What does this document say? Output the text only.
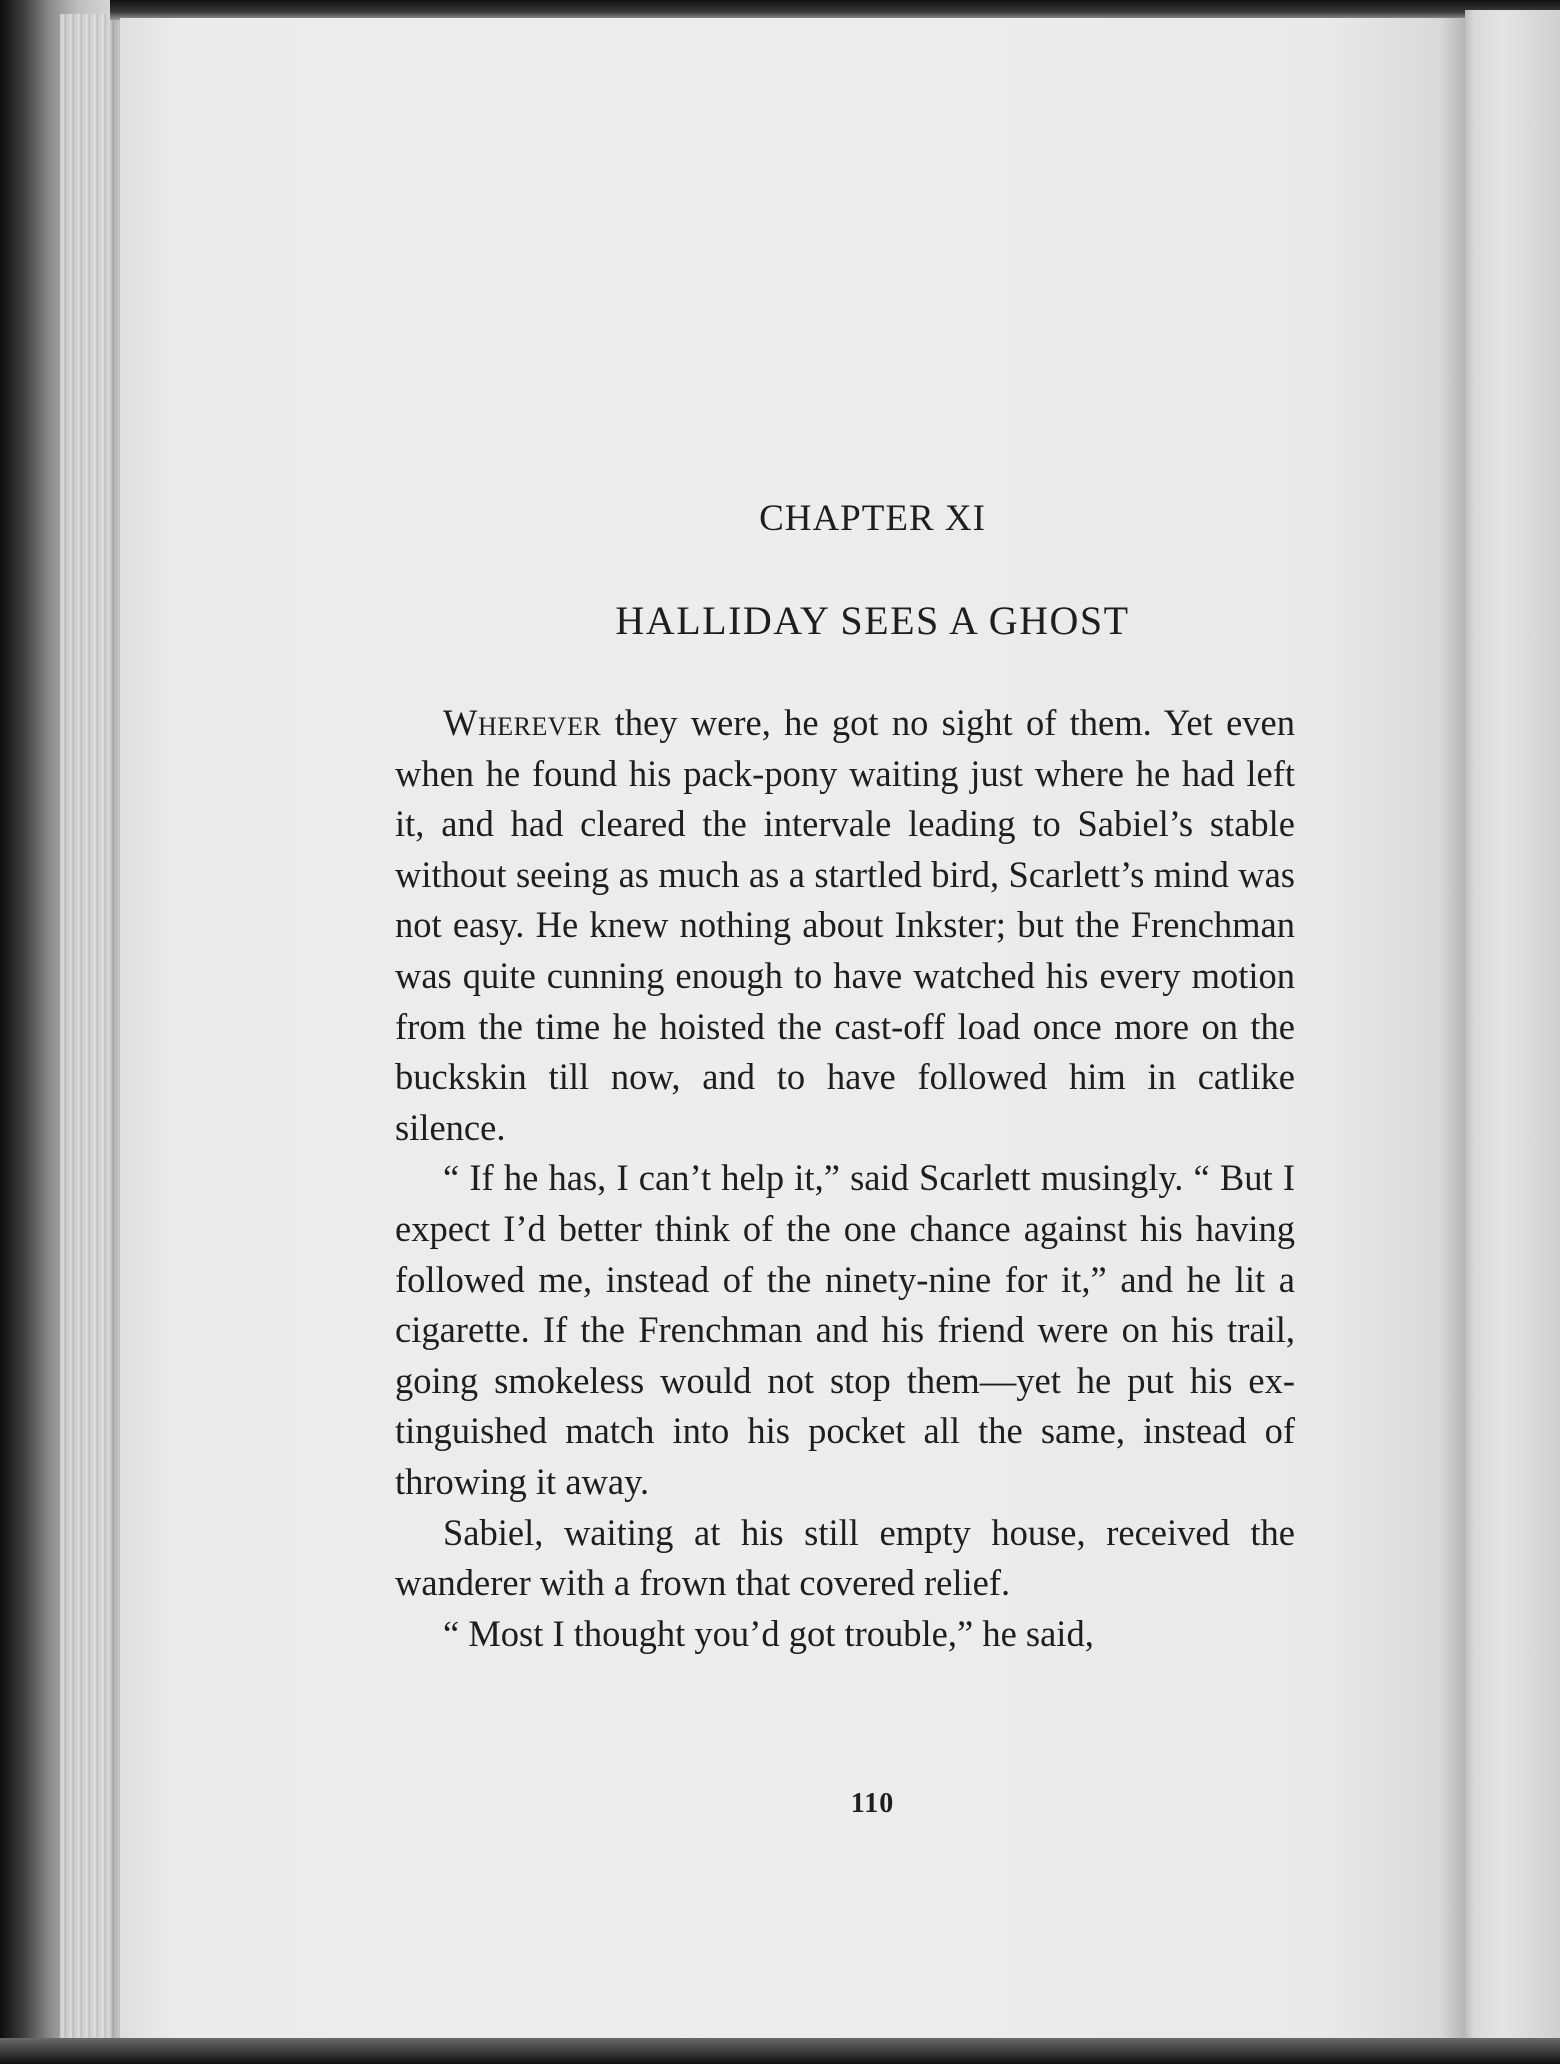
CHAPTER XI
HALLIDAY SEES A GHOST

Wherever they were, he got no sight of them. Yet even when he found his pack-pony waiting just where he had left it, and had cleared the intervale leading to Sabiel’s stable without seeing as much as a startled bird, Scarlett’s mind was not easy. He knew nothing about Inkster; but the Frenchman was quite cunning enough to have watched his every motion from the time he hoisted the cast-off load once more on the buckskin till now, and to have followed him in catlike silence.

“ If he has, I can’t help it,” said Scarlett musingly. “ But I expect I’d better think of the one chance against his having followed me, instead of the ninety-nine for it,” and he lit a cigarette. If the Frenchman and his friend were on his trail, going smokeless would not stop them—yet he put his extinguished match into his pocket all the same, instead of throwing it away.

Sabiel, waiting at his still empty house, received the wanderer with a frown that covered relief.

“ Most I thought you’d got trouble,” he said,

110
